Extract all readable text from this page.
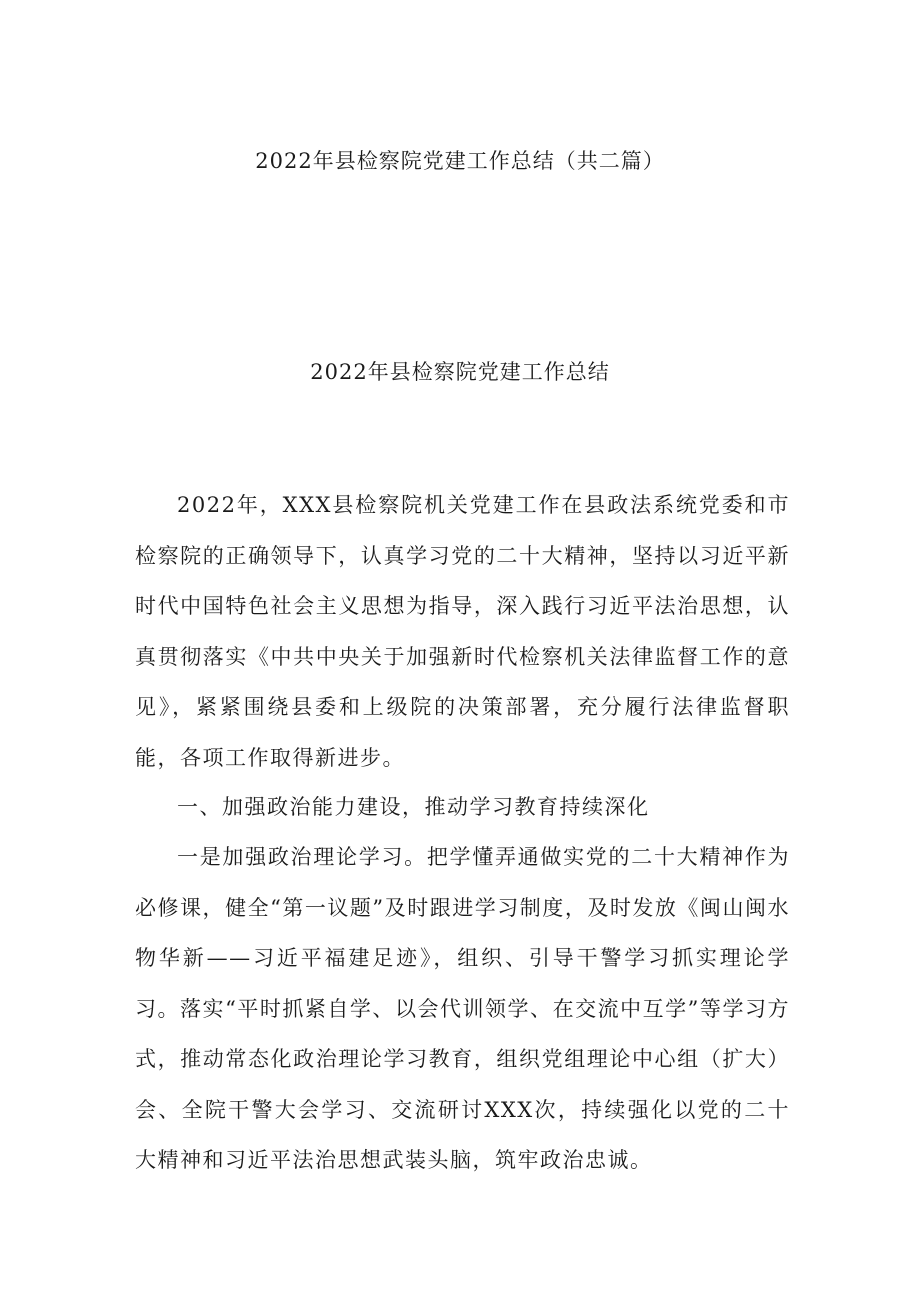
2022年县检察院党建工作总结（共二篇）
2022年县检察院党建工作总结

2022年，XXX县检察院机关党建工作在县政法系统党委和市检察院的正确领导下，认真学习党的二十大精神，坚持以习近平新时代中国特色社会主义思想为指导，深入践行习近平法治思想，认真贯彻落实《中共中央关于加强新时代检察机关法律监督工作的意见》，紧紧围绕县委和上级院的决策部署，充分履行法律监督职能，各项工作取得新进步。

一、加强政治能力建设，推动学习教育持续深化

一是加强政治理论学习。把学懂弄通做实党的二十大精神作为必修课，健全“第一议题”及时跟进学习制度，及时发放《闽山闽水物华新——习近平福建足迹》，组织、引导干警学习抓实理论学习。落实“平时抓紧自学、以会代训领学、在交流中互学”等学习方式，推动常态化政治理论学习教育，组织党组理论中心组（扩大）会、全院干警大会学习、交流研讨XXX次，持续强化以党的二十大精神和习近平法治思想武装头脑，筑牢政治忠诚。
